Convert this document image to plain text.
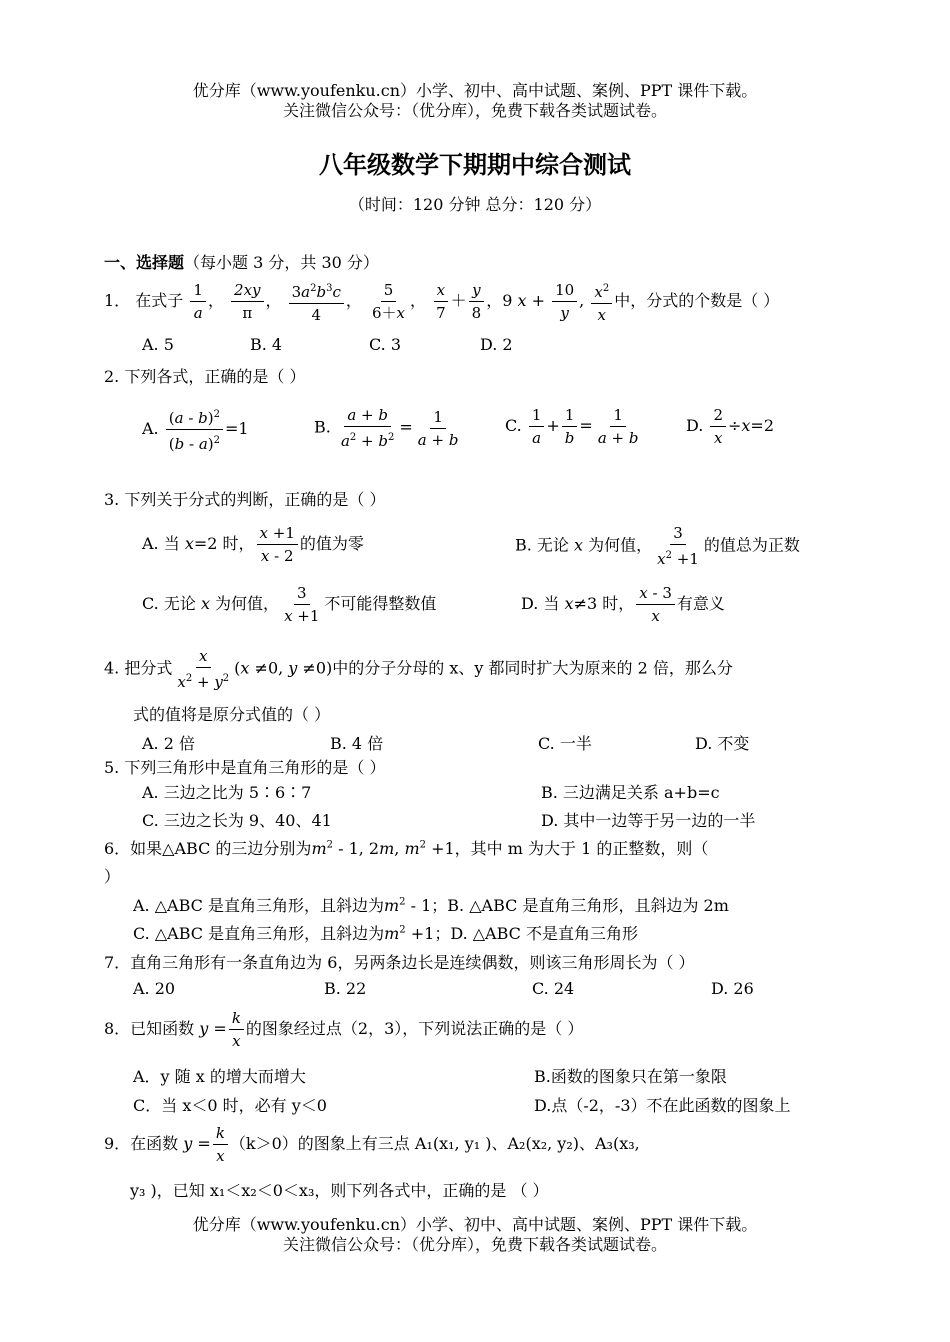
优分库（www.youfenku.cn）小学、初中、高中试题、案例、PPT 课件下载。
关注微信公众号：（优分库），免费下载各类试题试卷。
八年级数学下期期中综合测试
（时间：120 分钟 总分：120 分）
一、选择题（每小题 3 分，共 30 分）
1． 在式子 $\frac{1}{a}$ ， $\frac{2xy}{\pi}$ ， $\frac{3a^2b^3c}{4}$ ， $\frac{5}{6+x}$ ， $\frac{x}{7} + \frac{y}{8}$ ，9 $x + \frac{10}{y}$ , $\frac{x^2}{x}$ 中，分式的个数是（ ）
A. 5	B. 4	C. 3	D. 2
2. 下列各式，正确的是（ ）
A. $\frac{(a - b)^2}{(b - a)^2} =1$	B. $\frac{a + b}{a^2 + b^2} = \frac{1}{a + b}$	C. $\frac{1}{a} + \frac{1}{b} = \frac{1}{a + b}$	D. $\frac{2}{x} \div x=2$
3. 下列关于分式的判断，正确的是（ ）
A. 当 x=2 时， $\frac{x +1}{x - 2}$ 的值为零	B. 无论 x 为何值， $\frac{3}{x^2 +1}$ 的值总为正数
C. 无论 x 为何值， $\frac{3}{x +1}$ 不可能得整数值	D. 当 x≠3 时， $\frac{x - 3}{x}$ 有意义
4. 把分式 $\frac{x}{x^2 + y^2} (x \ne 0$, y ≠0)中的分子分母的 x、y 都同时扩大为原来的 2 倍，那么分
式的值将是原分式值的（ ）
A. 2 倍	B. 4 倍	C. 一半	D. 不变
5. 下列三角形中是直角三角形的是（ ）
A. 三边之比为 5∶6∶7	B. 三边满足关系 a+b=c
C. 三边之长为 9、40、41	D. 其中一边等于另一边的一半
6．如果△ABC 的三边分别为$m^2 - 1$, 2m, $m^2 +1$，其中 m 为大于 1 的正整数，则（
）
A. △ABC 是直角三角形，且斜边为$m^2 - 1$；B. △ABC 是直角三角形，且斜边为 2m
C. △ABC 是直角三角形，且斜边为$m^2 +1$；D. △ABC 不是直角三角形
7．直角三角形有一条直角边为 6，另两条边长是连续偶数，则该三角形周长为（ ）
A. 20	B. 22	C. 24	D. 26
8．已知函数 $y = \frac{k}{x}$ 的图象经过点（2，3），下列说法正确的是（ ）
A．y 随 x 的增大而增大	B.函数的图象只在第一象限
C．当 x＜0 时，必有 y＜0	D.点（-2，-3）不在此函数的图象上
9．在函数 $y = \frac{k}{x} (k>0)$的图象上有三点 A₁(x₁, y₁ )、A₂(x₂, y₂)、A₃(x₃,
y₃ )，已知 x₁＜x₂＜0＜x₃，则下列各式中，正确的是 （ ）
优分库（www.youfenku.cn）小学、初中、高中试题、案例、PPT 课件下载。
关注微信公众号：（优分库），免费下载各类试题试卷。
